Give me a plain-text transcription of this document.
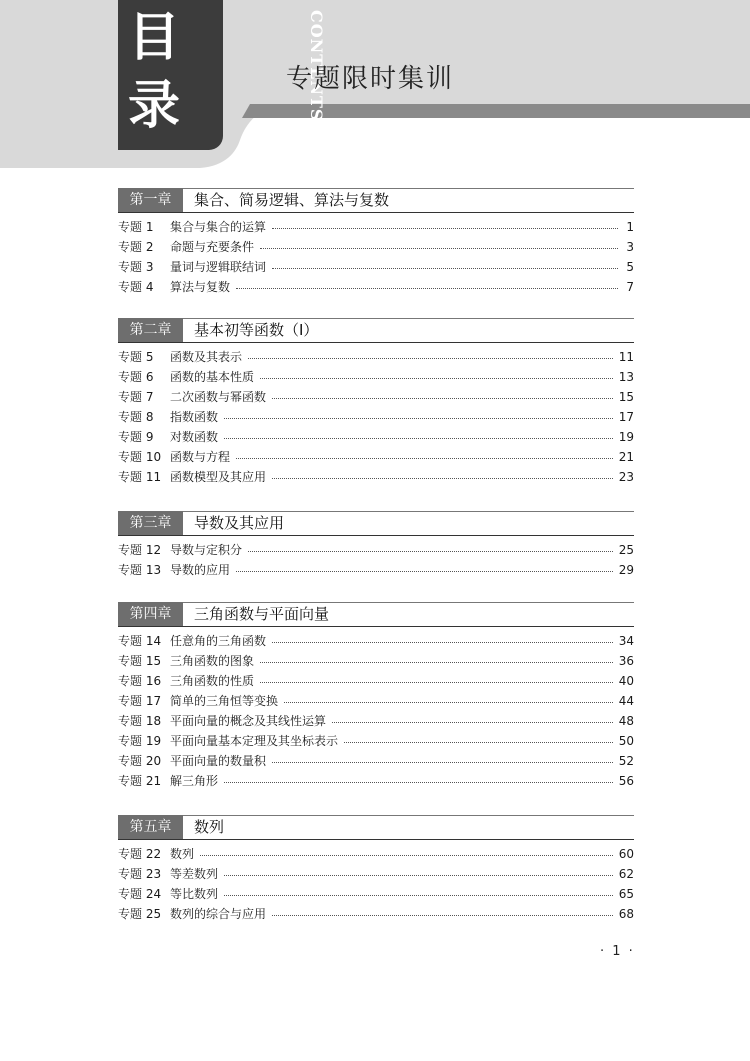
目
录	CONTENTS
专题限时集训
第一章	集合、简易逻辑、算法与复数
专题 1	集合与集合的运算	1
专题 2	命题与充要条件	3
专题 3	量词与逻辑联结词	5
专题 4	算法与复数	7
第二章	基本初等函数（Ⅰ）
专题 5	函数及其表示	11
专题 6	函数的基本性质	13
专题 7	二次函数与幂函数	15
专题 8	指数函数	17
专题 9	对数函数	19
专题 10 函数与方程	21
专题 11 函数模型及其应用	23
第三章	导数及其应用
专题 12 导数与定积分	25
专题 13 导数的应用	29
第四章	三角函数与平面向量
专题 14 任意角的三角函数	34
专题 15 三角函数的图象	36
专题 16 三角函数的性质	40
专题 17 简单的三角恒等变换	44
专题 18 平面向量的概念及其线性运算	48
专题 19 平面向量基本定理及其坐标表示	50
专题 20 平面向量的数量积	52
专题 21 解三角形	56
第五章	数列
专题 22 数列	60
专题 23 等差数列	62
专题 24 等比数列	65
专题 25 数列的综合与应用	68
· 1 ·
